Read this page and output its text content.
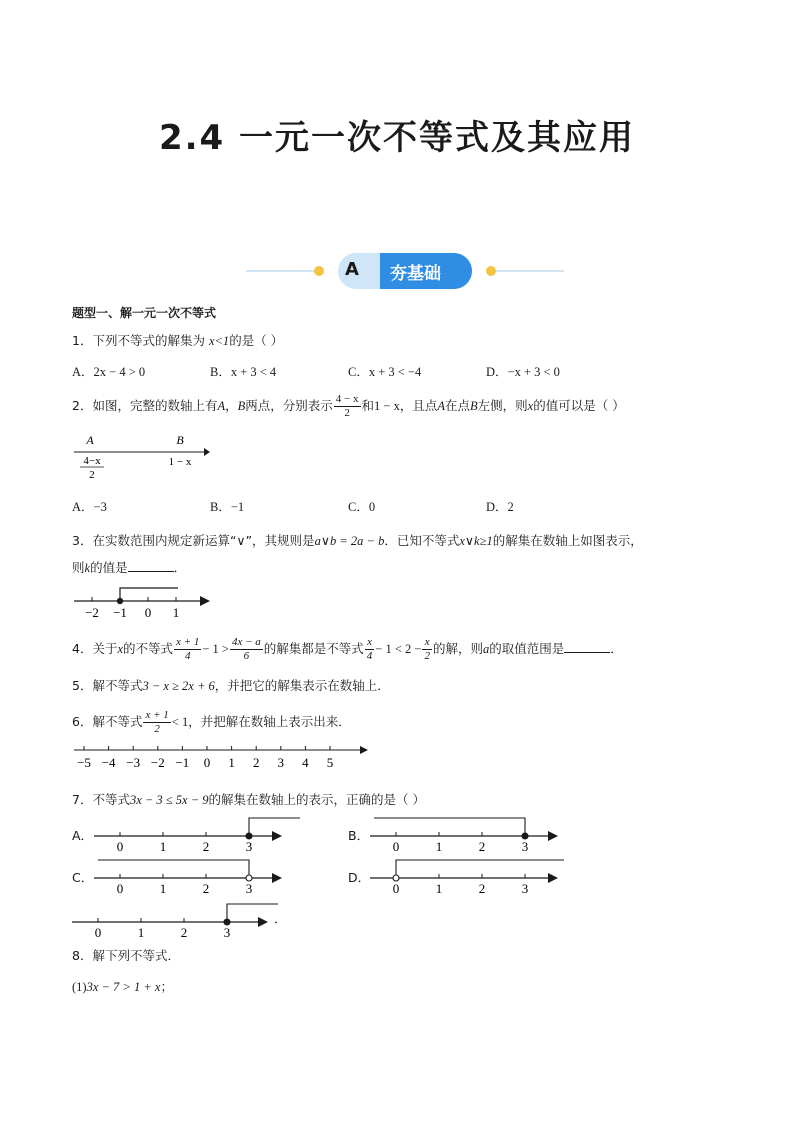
2.4 一元一次不等式及其应用
A 夯基础
题型一、解一元一次不等式
1．下列不等式的解集为 x<1的是（ ）
A．2x − 4 > 0	B．x + 3 < 4	C．x + 3 < −4	D．−x + 3 < 0
2．如图，完整的数轴上有A，B两点，分别表示 $\frac{4 - x}{2}$ 和1 − x，且点A在点B左侧，则x的值可以是（ ）
A	B
4−x
2
1 − x
A．−3	B．−1	C．0	D．2
3．在实数范围内规定新运算“∨”，其规则是a∨b = 2a − b．已知不等式x∨k≥1的解集在数轴上如图表示，
则k的值是	．
−2 −1 0 1
4．关于x的不等式 $\frac{x + 1}{4} - 1 > \frac{4x - a}{6}$ 的解集都是不等式 $\frac{x}{4} - 1 < 2 - \frac{x}{2}$ 的解，则a的取值范围是	．
5．解不等式3 − x ≥ 2x + 6，并把它的解集表示在数轴上．
6．解不等式 $\frac{x + 1}{2} < 1$，并把解在数轴上表示出来．
−5 −4 −3 −2 −1 0 1 2 3 4 5
7．不等式3x − 3 ≤ 5x − 9的解集在数轴上的表示，正确的是（ ）
A．	B．
C．	D．
0	1	2	3	0	1	2	3
0	1	2	3	0	1	2	3
0	1	2	3
．
8．解下列不等式．
(1)3x − 7 > 1 + x；
